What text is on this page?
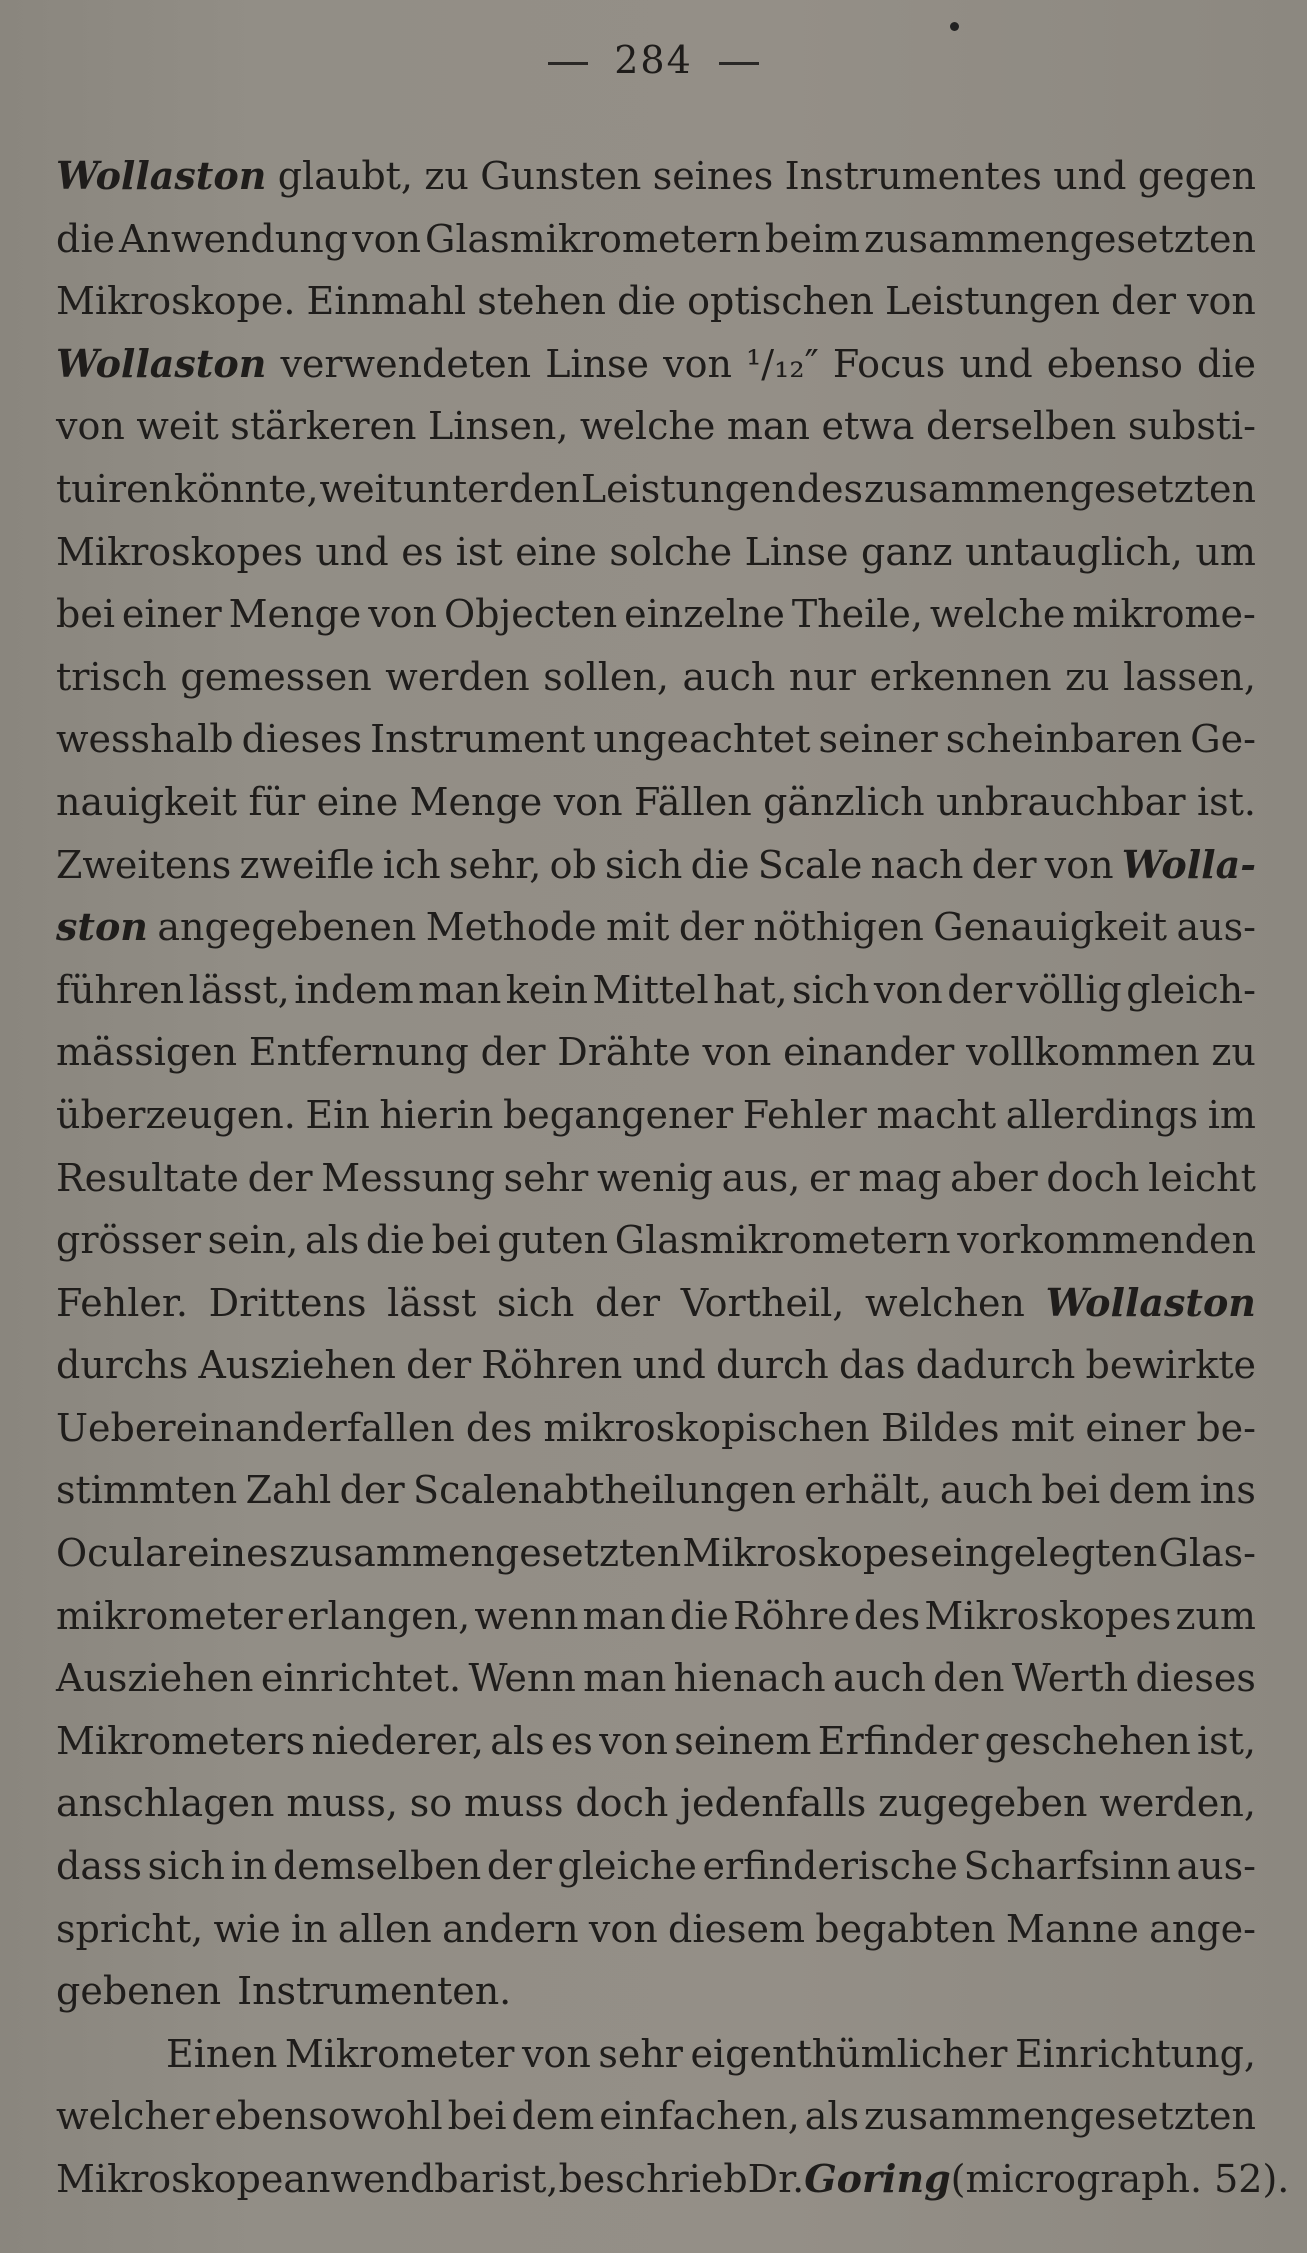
284
Wollaston glaubt, zu Gunsten seines Instrumentes und gegen
die Anwendung von Glasmikrometern beim zusammengesetzten
Mikroskope. Einmahl stehen die optischen Leistungen der von
Wollaston verwendeten Linse von ¹/₁₂″ Focus und ebenso die
von weit stärkeren Linsen, welche man etwa derselben substi-
tuiren könnte, weit unter den Leistungen des zusammengesetzten
Mikroskopes und es ist eine solche Linse ganz untauglich, um
bei einer Menge von Objecten einzelne Theile, welche mikrome-
trisch gemessen werden sollen, auch nur erkennen zu lassen,
wesshalb dieses Instrument ungeachtet seiner scheinbaren Ge-
nauigkeit für eine Menge von Fällen gänzlich unbrauchbar ist.
Zweitens zweifle ich sehr, ob sich die Scale nach der von Wolla-
ston angegebenen Methode mit der nöthigen Genauigkeit aus-
führen lässt, indem man kein Mittel hat, sich von der völlig gleich-
mässigen Entfernung der Drähte von einander vollkommen zu
überzeugen. Ein hierin begangener Fehler macht allerdings im
Resultate der Messung sehr wenig aus, er mag aber doch leicht
grösser sein, als die bei guten Glasmikrometern vorkommenden
Fehler. Drittens lässt sich der Vortheil, welchen Wollaston
durchs Ausziehen der Röhren und durch das dadurch bewirkte
Uebereinanderfallen des mikroskopischen Bildes mit einer be-
stimmten Zahl der Scalenabtheilungen erhält, auch bei dem ins
Ocular eines zusammengesetzten Mikroskopes eingelegten Glas-
mikrometer erlangen, wenn man die Röhre des Mikroskopes zum
Ausziehen einrichtet. Wenn man hienach auch den Werth dieses
Mikrometers niederer, als es von seinem Erfinder geschehen ist,
anschlagen muss, so muss doch jedenfalls zugegeben werden,
dass sich in demselben der gleiche erfinderische Scharfsinn aus-
spricht, wie in allen andern von diesem begabten Manne ange-
gebenen Instrumenten.
Einen Mikrometer von sehr eigenthümlicher Einrichtung,
welcher ebensowohl bei dem einfachen, als zusammengesetzten
Mikroskope anwendbar ist, beschrieb Dr. Goring (micrograph. 52).
